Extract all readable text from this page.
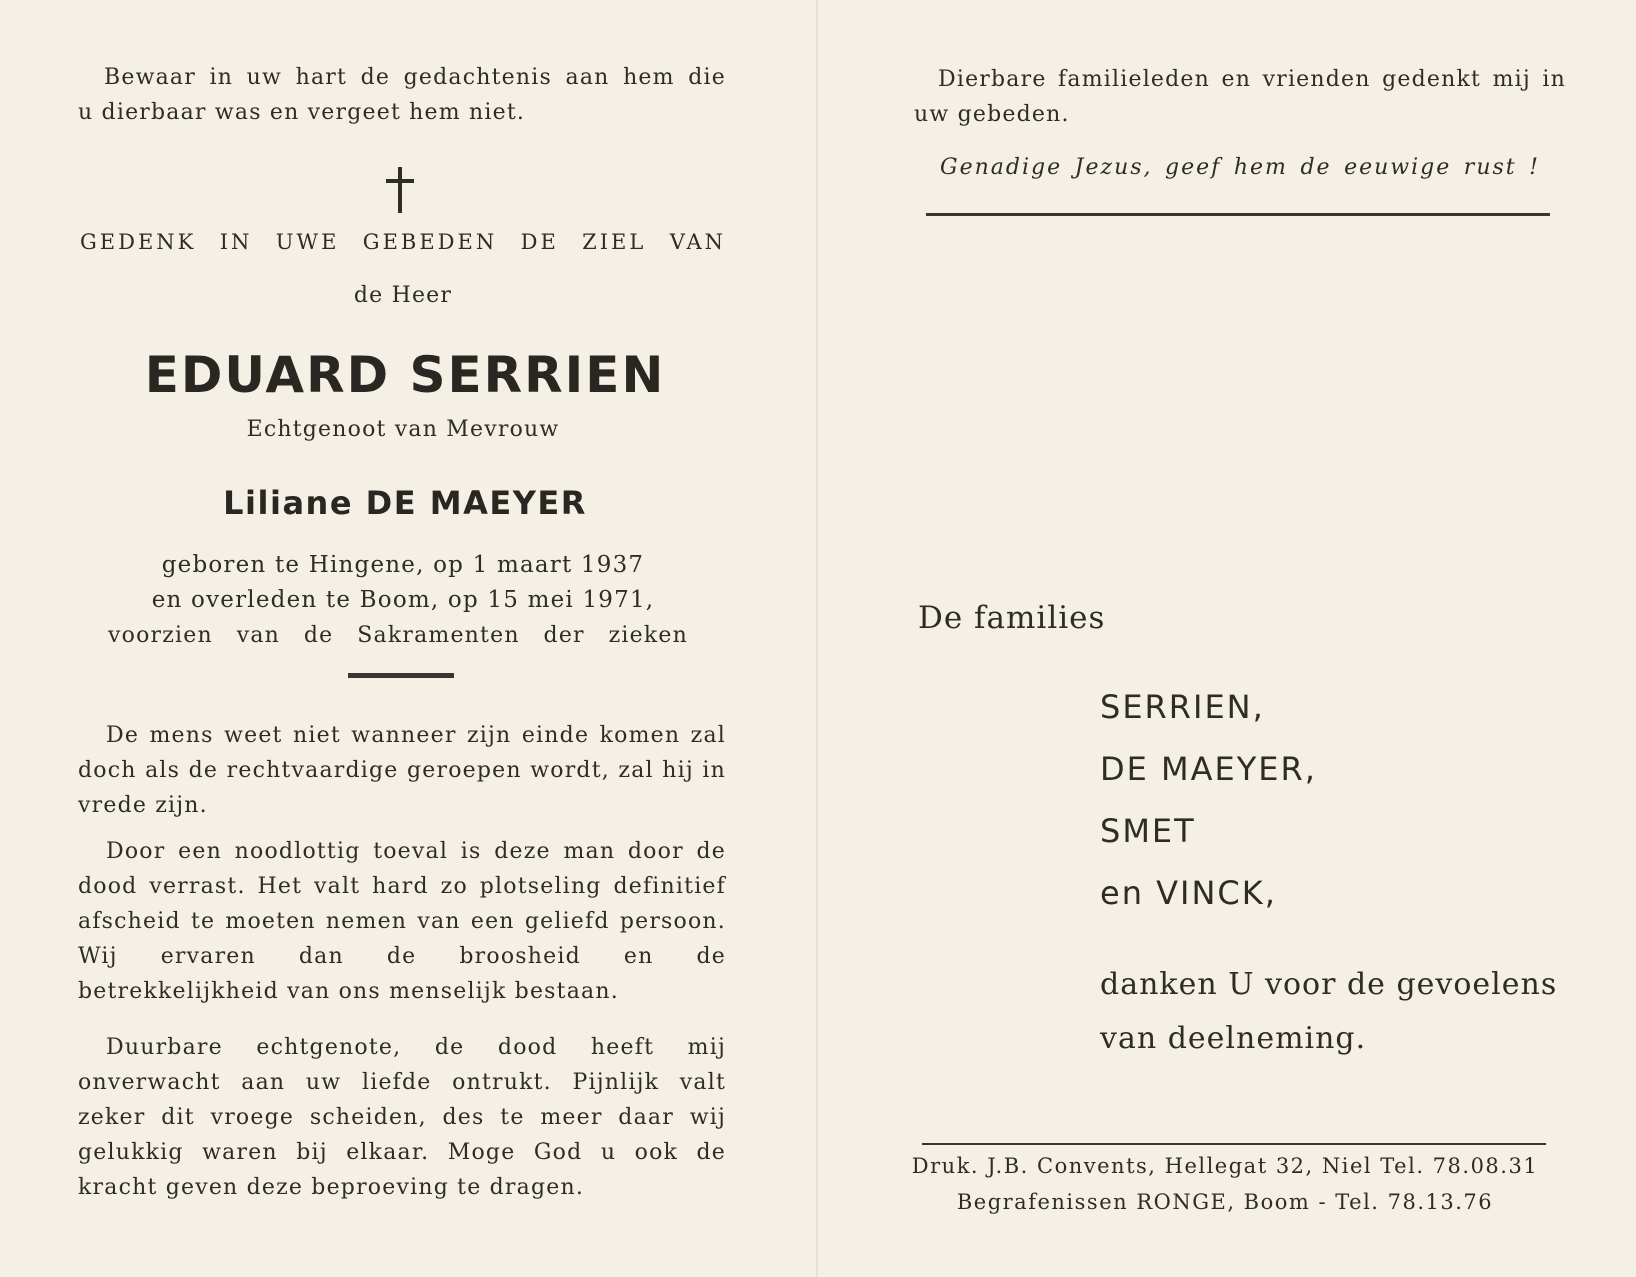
Bewaar in uw hart de gedachtenis aan hem die

u dierbaar was en vergeet hem niet.

GEDENK IN UWE GEBEDEN DE ZIEL VAN

de Heer

EDUARD SERRIEN

Echtgenoot van Mevrouw

Liliane DE MAEYER

geboren te Hingene, op 1 maart 1937

en overleden te Boom, op 15 mei 1971,

voorzien van de Sakramenten der zieken

De mens weet niet wanneer zijn einde komen zal doch als de rechtvaardige geroepen wordt, zal hij in vrede zijn.

Door een noodlottig toeval is deze man door de dood verrast. Het valt hard zo plotseling definitief afscheid te moeten nemen van een geliefd persoon. Wij ervaren dan de broosheid en de betrekkelijkheid van ons menselijk bestaan.

Duurbare echtgenote, de dood heeft mij onverwacht aan uw liefde ontrukt. Pijnlijk valt zeker dit vroege scheiden, des te meer daar wij gelukkig waren bij elkaar. Moge God u ook de kracht geven deze beproeving te dragen.

Dierbare familieleden en vrienden gedenkt mij in uw gebeden.

Genadige Jezus, geef hem de eeuwige rust !

De families

SERRIEN,

DE MAEYER,

SMET

en VINCK,

danken U voor de gevoelens

van deelneming.

Druk. J.B. Convents, Hellegat 32, Niel Tel. 78.08.31

Begrafenissen RONGE, Boom - Tel. 78.13.76
